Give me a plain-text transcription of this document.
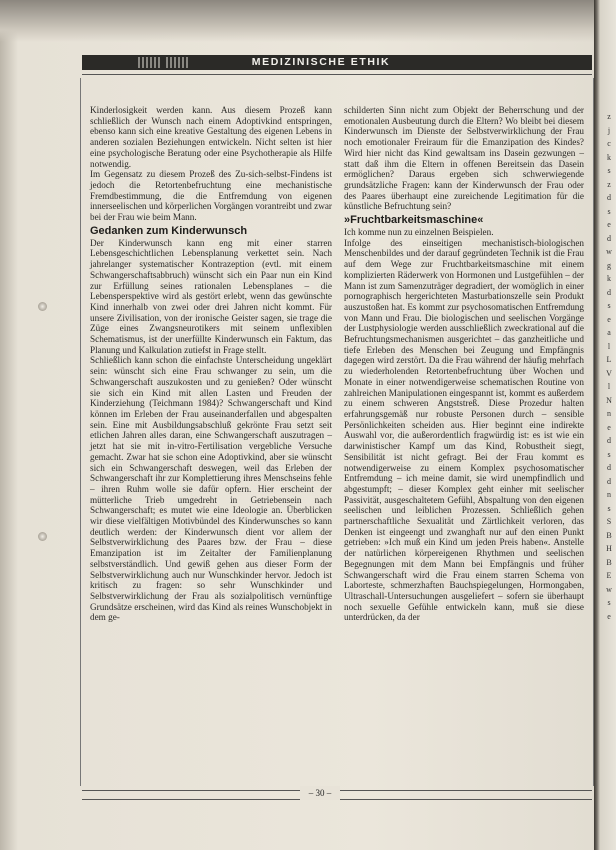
z
j
c
k
s
z
d
s
e
d
w
g
k
d
s
e
a
l
L
V
l
N
n
e
d
s
d
d
n
s
S
B
H
B
E
w
s
e
MEDIZINISCHE ETHIK

Kinderlosigkeit werden kann. Aus diesem Prozeß kann schließlich der Wunsch nach einem Adoptivkind entspringen, ebenso kann sich eine kreative Gestaltung des eigenen Lebens in anderen sozialen Beziehungen entwickeln. Nicht selten ist hier eine psychologische Beratung oder eine Psychotherapie als Hilfe notwendig.

Im Gegensatz zu diesem Prozeß des Zu-sich-selbst-Findens ist jedoch die Retortenbefruchtung eine mechanistische Fremdbestimmung, die die Entfremdung von eigenen innerseelischen und körperlichen Vorgängen vorantreibt und zwar bei der Frau wie beim Mann.

Gedanken zum Kinderwunsch

Der Kinderwunsch kann eng mit einer starren Lebensgeschichtlichen Lebensplanung verkettet sein. Nach jahrelanger systematischer Kontrazeption (evtl. mit einem Schwangerschaftsabbruch) wünscht sich ein Paar nun ein Kind zur Erfüllung seines rationalen Lebensplanes – die Lebensperspektive wird als gestört erlebt, wenn das gewünschte Kind innerhalb von zwei oder drei Jahren nicht kommt. Für unsere Zivilisation, von der ironische Geister sagen, sie trage die Züge eines Zwangsneurotikers mit seinem unflexiblen Schematismus, ist der unerfüllte Kinderwunsch ein Faktum, das Planung und Kalkulation zutiefst in Frage stellt.

Schließlich kann schon die einfachste Unterscheidung ungeklärt sein: wünscht sich eine Frau schwanger zu sein, um die Schwangerschaft auszukosten und zu genießen? Oder wünscht sie sich ein Kind mit allen Lasten und Freuden der Kinderziehung (Teichmann 1984)? Schwangerschaft und Kind können im Erleben der Frau auseinanderfallen und abgespalten sein. Eine mit Ausbildungsabschluß gekrönte Frau setzt seit etlichen Jahren alles daran, eine Schwangerschaft auszutragen – jetzt hat sie mit in-vitro-Fertilisation vergebliche Versuche gemacht. Zwar hat sie schon eine Adoptivkind, aber sie wünscht sich ein Schwangerschaft deswegen, weil das Erleben der Schwangerschaft ihr zur Komplettierung ihres Menschseins fehle – ihren Ruhm wolle sie dafür opfern. Hier erscheint der mütterliche Trieb umgedreht in Getriebensein nach Schwangerschaft; es mutet wie eine Ideologie an. Überblicken wir diese vielfältigen Motivbündel des Kinderwunsches so kann deutlich werden: der Kinderwunsch dient vor allem der Selbstverwirklichung des Paares bzw. der Frau – diese Emanzipation ist im Zeitalter der Familienplanung selbstverständlich. Und gewiß gehen aus dieser Form der Selbstverwirklichung auch nur Wunschkinder hervor. Jedoch ist kritisch zu fragen: so sehr Wunschkinder und Selbstverwirklichung der Frau als sozialpolitisch vernünftige Grundsätze erscheinen, wird das Kind als reines Wunschobjekt in dem ge-

schilderten Sinn nicht zum Objekt der Beherrschung und der emotionalen Ausbeutung durch die Eltern? Wo bleibt bei diesem Kinderwunsch im Dienste der Selbstverwirklichung der Frau noch emotionaler Freiraum für die Emanzipation des Kindes? Wird hier nicht das Kind gewaltsam ins Dasein gezwungen – statt daß ihm die Eltern in offenen Bereitsein das Dasein ermöglichen? Daraus ergeben sich schwerwiegende grundsätzliche Fragen: kann der Kinderwunsch der Frau oder des Paares überhaupt eine zureichende Legitimation für die künstliche Befruchtung sein?

»Fruchtbarkeitsmaschine«

Ich komme nun zu einzelnen Beispielen.

Infolge des einseitigen mechanistisch-biologischen Menschenbildes und der darauf gegründeten Technik ist die Frau auf dem Wege zur Fruchtbarkeitsmaschine mit einem komplizierten Räderwerk von Hormonen und Lustgefühlen – der Mann ist zum Samenzuträger degradiert, der womöglich in einer pornographisch hergerichteten Masturbationszelle sein Produkt auszustoßen hat. Es kommt zur psychosomatischen Entfremdung von Mann und Frau. Die biologischen und seelischen Vorgänge der Lustphysiologie werden ausschließlich zweckrational auf die Befruchtungsmechanismen ausgerichtet – das ganzheitliche und tiefe Erleben des Menschen bei Zeugung und Empfängnis dagegen wird zerstört. Da die Frau während der häufig mehrfach zu wiederholenden Retortenbefruchtung über Wochen und Monate in einer notwendigerweise schematischen Routine von zahlreichen Manipulationen eingespannt ist, kommt es außerdem zu einem schweren Angststreß. Diese Prozedur halten erfahrungsgemäß nur robuste Personen durch – sensible Persönlichkeiten scheiden aus. Hier beginnt eine indirekte Auswahl vor, die außerordentlich fragwürdig ist: es ist wie ein darwinistischer Kampf um das Kind, Robustheit siegt, Sensibilität ist nicht gefragt. Bei der Frau kommt es notwendigerweise zu einem Komplex psychosomatischer Entfremdung – ich meine damit, sie wird unempfindlich und abgestumpft; – dieser Komplex geht einher mit seelischer Passivität, ausgeschaltetem Gefühl, Abspaltung von den eigenen seelischen und leiblichen Prozessen. Schließlich gehen partnerschaftliche Sexualität und Zärtlichkeit verloren, das Denken ist eingeengt und zwanghaft nur auf den einen Punkt getrieben: »Ich muß ein Kind um jeden Preis haben«. Anstelle der natürlichen körpereigenen Rhythmen und seelischen Begegnungen mit dem Mann bei Empfängnis und früher Schwangerschaft wird die Frau einem starren Schema von Laborteste, schmerzhaften Bauchspiegelungen, Hormongaben, Ultraschall-Untersuchungen ausgeliefert – sofern sie überhaupt noch sexuelle Gefühle entwickeln kann, muß sie diese unterdrücken, da der

– 30 –
